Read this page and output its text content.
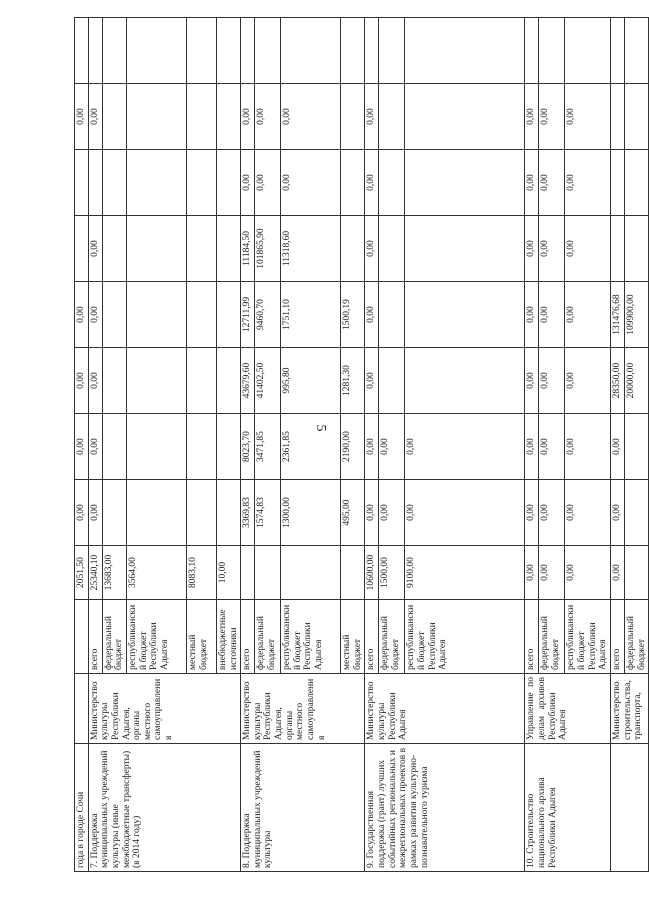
5
года в городе Сочи			2051,50	0,00	0,00	0,00	0,00			0,00	
7. Поддержка муниципальных учреждений культуры (иные межбюджетные трансферты) (в 2014 году)	Министерство культуры Республики Адыгея, органы местного самоуправления	всего	25340,10	0,00	0,00	0,00	0,00	0,00		0,00	
		федеральный бюджет	13683,00								
		республиканский бюджет Республики Адыгея	3564,00								
		местный бюджет	8083,10								
		внебюджетные источники	10,00								
8. Поддержка муниципальных учреждений культуры	Министерство культуры Республики Адыгея, органы местного самоуправления	всего		3369,83	8023,70	43679,60	12711,99	11184,50	0,00	0,00	
		федеральный бюджет		1574,83	3471,85	41402,50	9460,70	101865,90	0,00	0,00	
		республиканский бюджет Республики Адыгея		1300,00	2361,85	995,80	1751,10	11318,60	0,00	0,00	
		местный бюджет		495,00	2190,00	1281,30	1500,19				
9. Государственная поддержка (грант) лучших событийных региональных и межрегиональных проектов в рамках развития культурно-познавательного туризма	Министерство культуры Республики Адыгея	всего	10600,00	0,00	0,00	0,00	0,00	0,00	0,00	0,00	
		федеральный бюджет	1500,00	0,00	0,00						
		республиканский бюджет Республики Адыгея	9100,00	0,00	0,00						
10. Строительство национального архива Республики Адыгея	Управление по делам архивов Республики Адыгея	всего	0,00	0,00	0,00	0,00	0,00	0,00	0,00	0,00	
		федеральный бюджет	0,00	0,00	0,00	0,00	0,00	0,00	0,00	0,00	
		республиканский бюджет Республики Адыгея	0,00	0,00	0,00	0,00	0,00	0,00	0,00	0,00	
	Министерство строительства, транспорта,	всего	0,00	0,00	0,00	28350,00	131476,68				
		федеральный бюджет				20000,00	109900,00				
